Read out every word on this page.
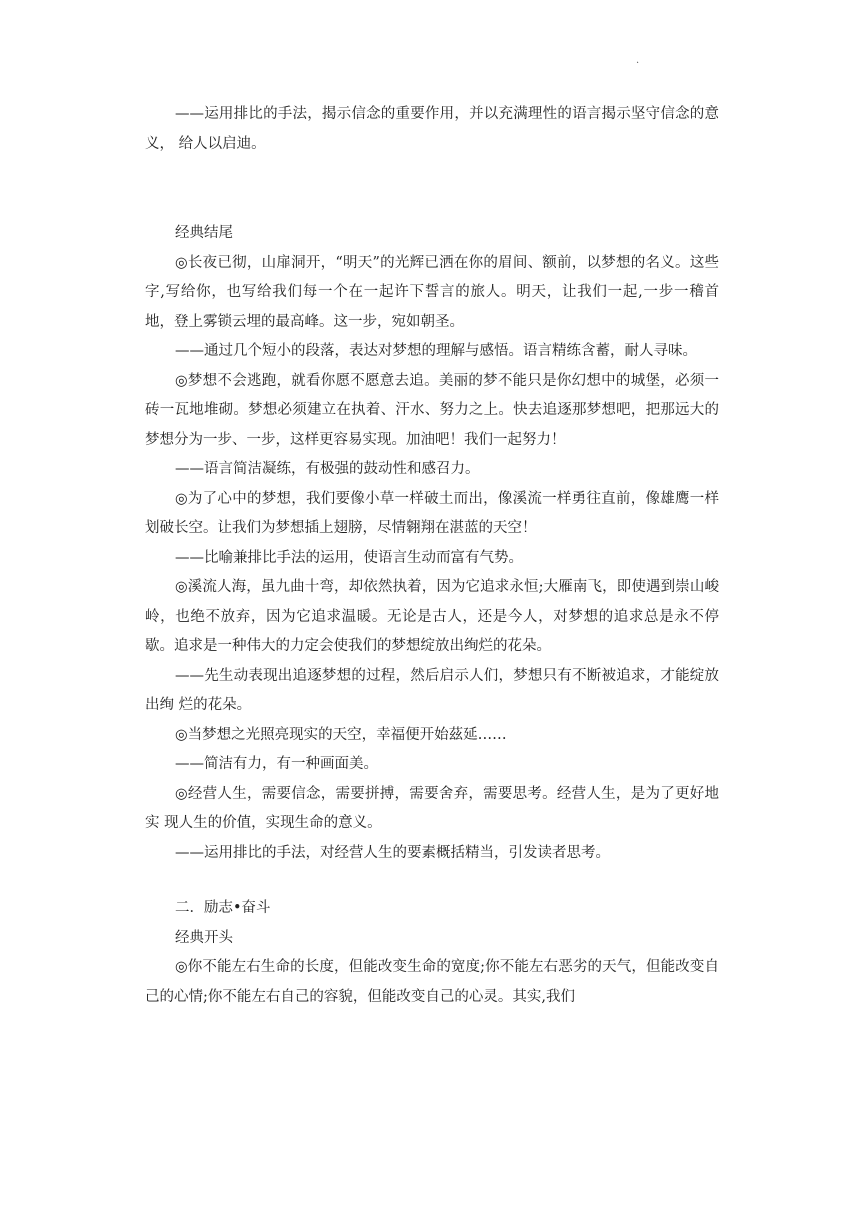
·

——运用排比的手法，揭示信念的重要作用，并以充满理性的语言揭示坚守信念的意义， 给人以启迪。

经典结尾

◎长夜已彻，山扉洞开，“明天”的光辉已洒在你的眉间、额前，以梦想的名义。这些字,写给你，也写给我们每一个在一起许下誓言的旅人。明天，让我们一起,一步一稽首地，登上雾锁云埋的最高峰。这一步，宛如朝圣。

——通过几个短小的段落，表达对梦想的理解与感悟。语言精练含蓄，耐人寻味。

◎梦想不会逃跑，就看你愿不愿意去追。美丽的梦不能只是你幻想中的城堡，必须一砖一瓦地堆砌。梦想必须建立在执着、汗水、努力之上。快去追逐那梦想吧，把那远大的梦想分为一步、一步，这样更容易实现。加油吧！我们一起努力！

——语言简洁凝练，有极强的鼓动性和感召力。

◎为了心中的梦想，我们要像小草一样破土而出，像溪流一样勇往直前，像雄鹰一样划破长空。让我们为梦想插上翅膀，尽情翱翔在湛蓝的天空！

——比喻兼排比手法的运用，使语言生动而富有气势。

◎溪流人海，虽九曲十弯，却依然执着，因为它追求永恒;大雁南飞，即使遇到崇山峻岭，也绝不放弃，因为它追求温暖。无论是古人，还是今人，对梦想的追求总是永不停歇。追求是一种伟大的力定会使我们的梦想绽放出绚烂的花朵。

——先生动表现出追逐梦想的过程，然后启示人们，梦想只有不断被追求，才能绽放出绚 烂的花朵。

◎当梦想之光照亮现实的天空，幸福便开始茲延……

——简洁有力，有一种画面美。

◎经营人生，需要信念，需要拼搏，需要舍弃，需要思考。经营人生，是为了更好地实 现人生的价值，实现生命的意义。

——运用排比的手法，对经营人生的要素概括精当，引发读者思考。

二．励志•奋斗

经典开头

◎你不能左右生命的长度，但能改变生命的宽度;你不能左右恶劣的天气，但能改变自己的心情;你不能左右自己的容貌，但能改变自己的心灵。其实,我们
